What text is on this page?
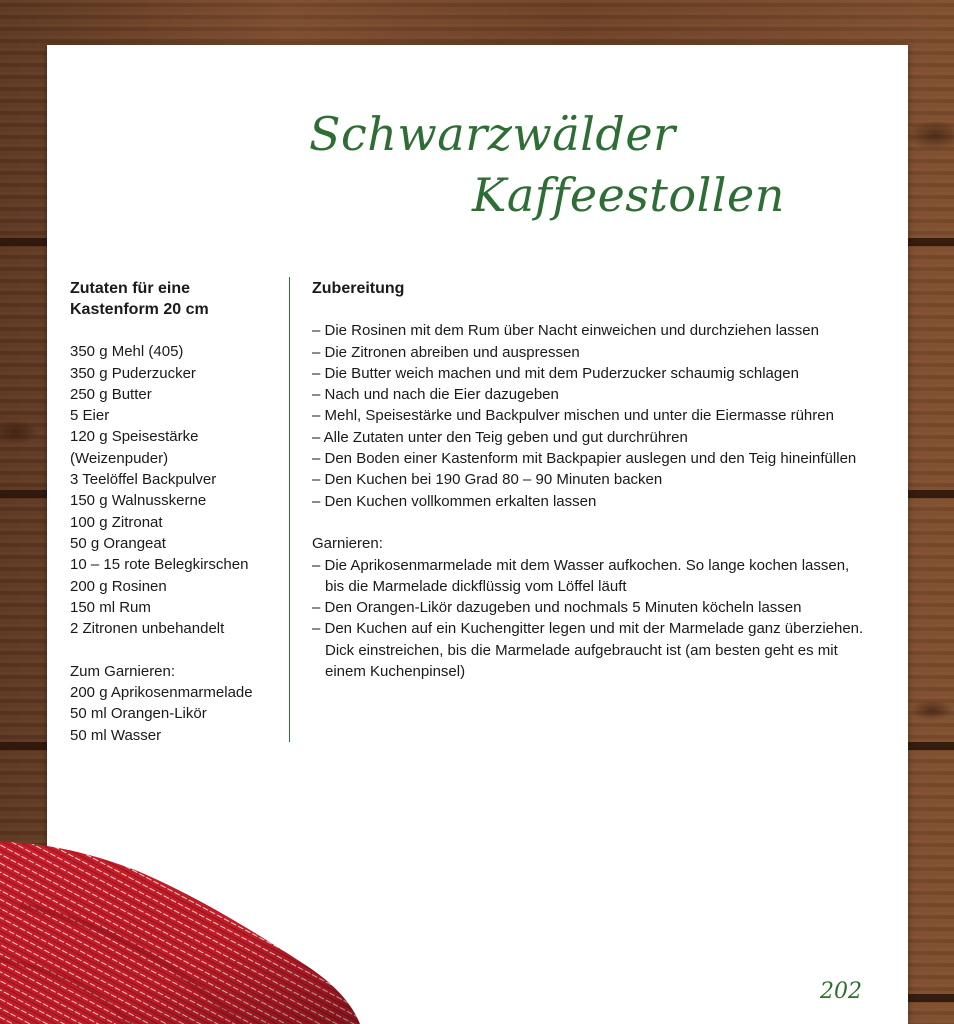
Schwarzwälder
Kaffeestollen
Zutaten für eine
Kastenform 20 cm
350 g Mehl (405)
350 g Puderzucker
250 g Butter
5 Eier
120 g Speisestärke
(Weizenpuder)
3 Teelöffel Backpulver
150 g Walnusskerne
100 g Zitronat
50 g Orangeat
10 – 15 rote Belegkirschen
200 g Rosinen
150 ml Rum
2 Zitronen unbehandelt
Zum Garnieren:
200 g Aprikosenmarmelade
50 ml Orangen-Likör
50 ml Wasser
Zubereitung
– Die Rosinen mit dem Rum über Nacht einweichen und durchziehen lassen
– Die Zitronen abreiben und auspressen
– Die Butter weich machen und mit dem Puderzucker schaumig schlagen
– Nach und nach die Eier dazugeben
– Mehl, Speisestärke und Backpulver mischen und unter die Eiermasse rühren
– Alle Zutaten unter den Teig geben und gut durchrühren
– Den Boden einer Kastenform mit Backpapier auslegen und den Teig hineinfüllen
– Den Kuchen bei 190 Grad 80 – 90 Minuten backen
– Den Kuchen vollkommen erkalten lassen
Garnieren:
– Die Aprikosenmarmelade mit dem Wasser aufkochen. So lange kochen lassen, bis die Marmelade dickflüssig vom Löffel läuft
– Den Orangen-Likör dazugeben und nochmals 5 Minuten köcheln lassen
– Den Kuchen auf ein Kuchengitter legen und mit der Marmelade ganz überziehen. Dick einstreichen, bis die Marmelade aufgebraucht ist (am besten geht es mit einem Kuchenpinsel)
202
